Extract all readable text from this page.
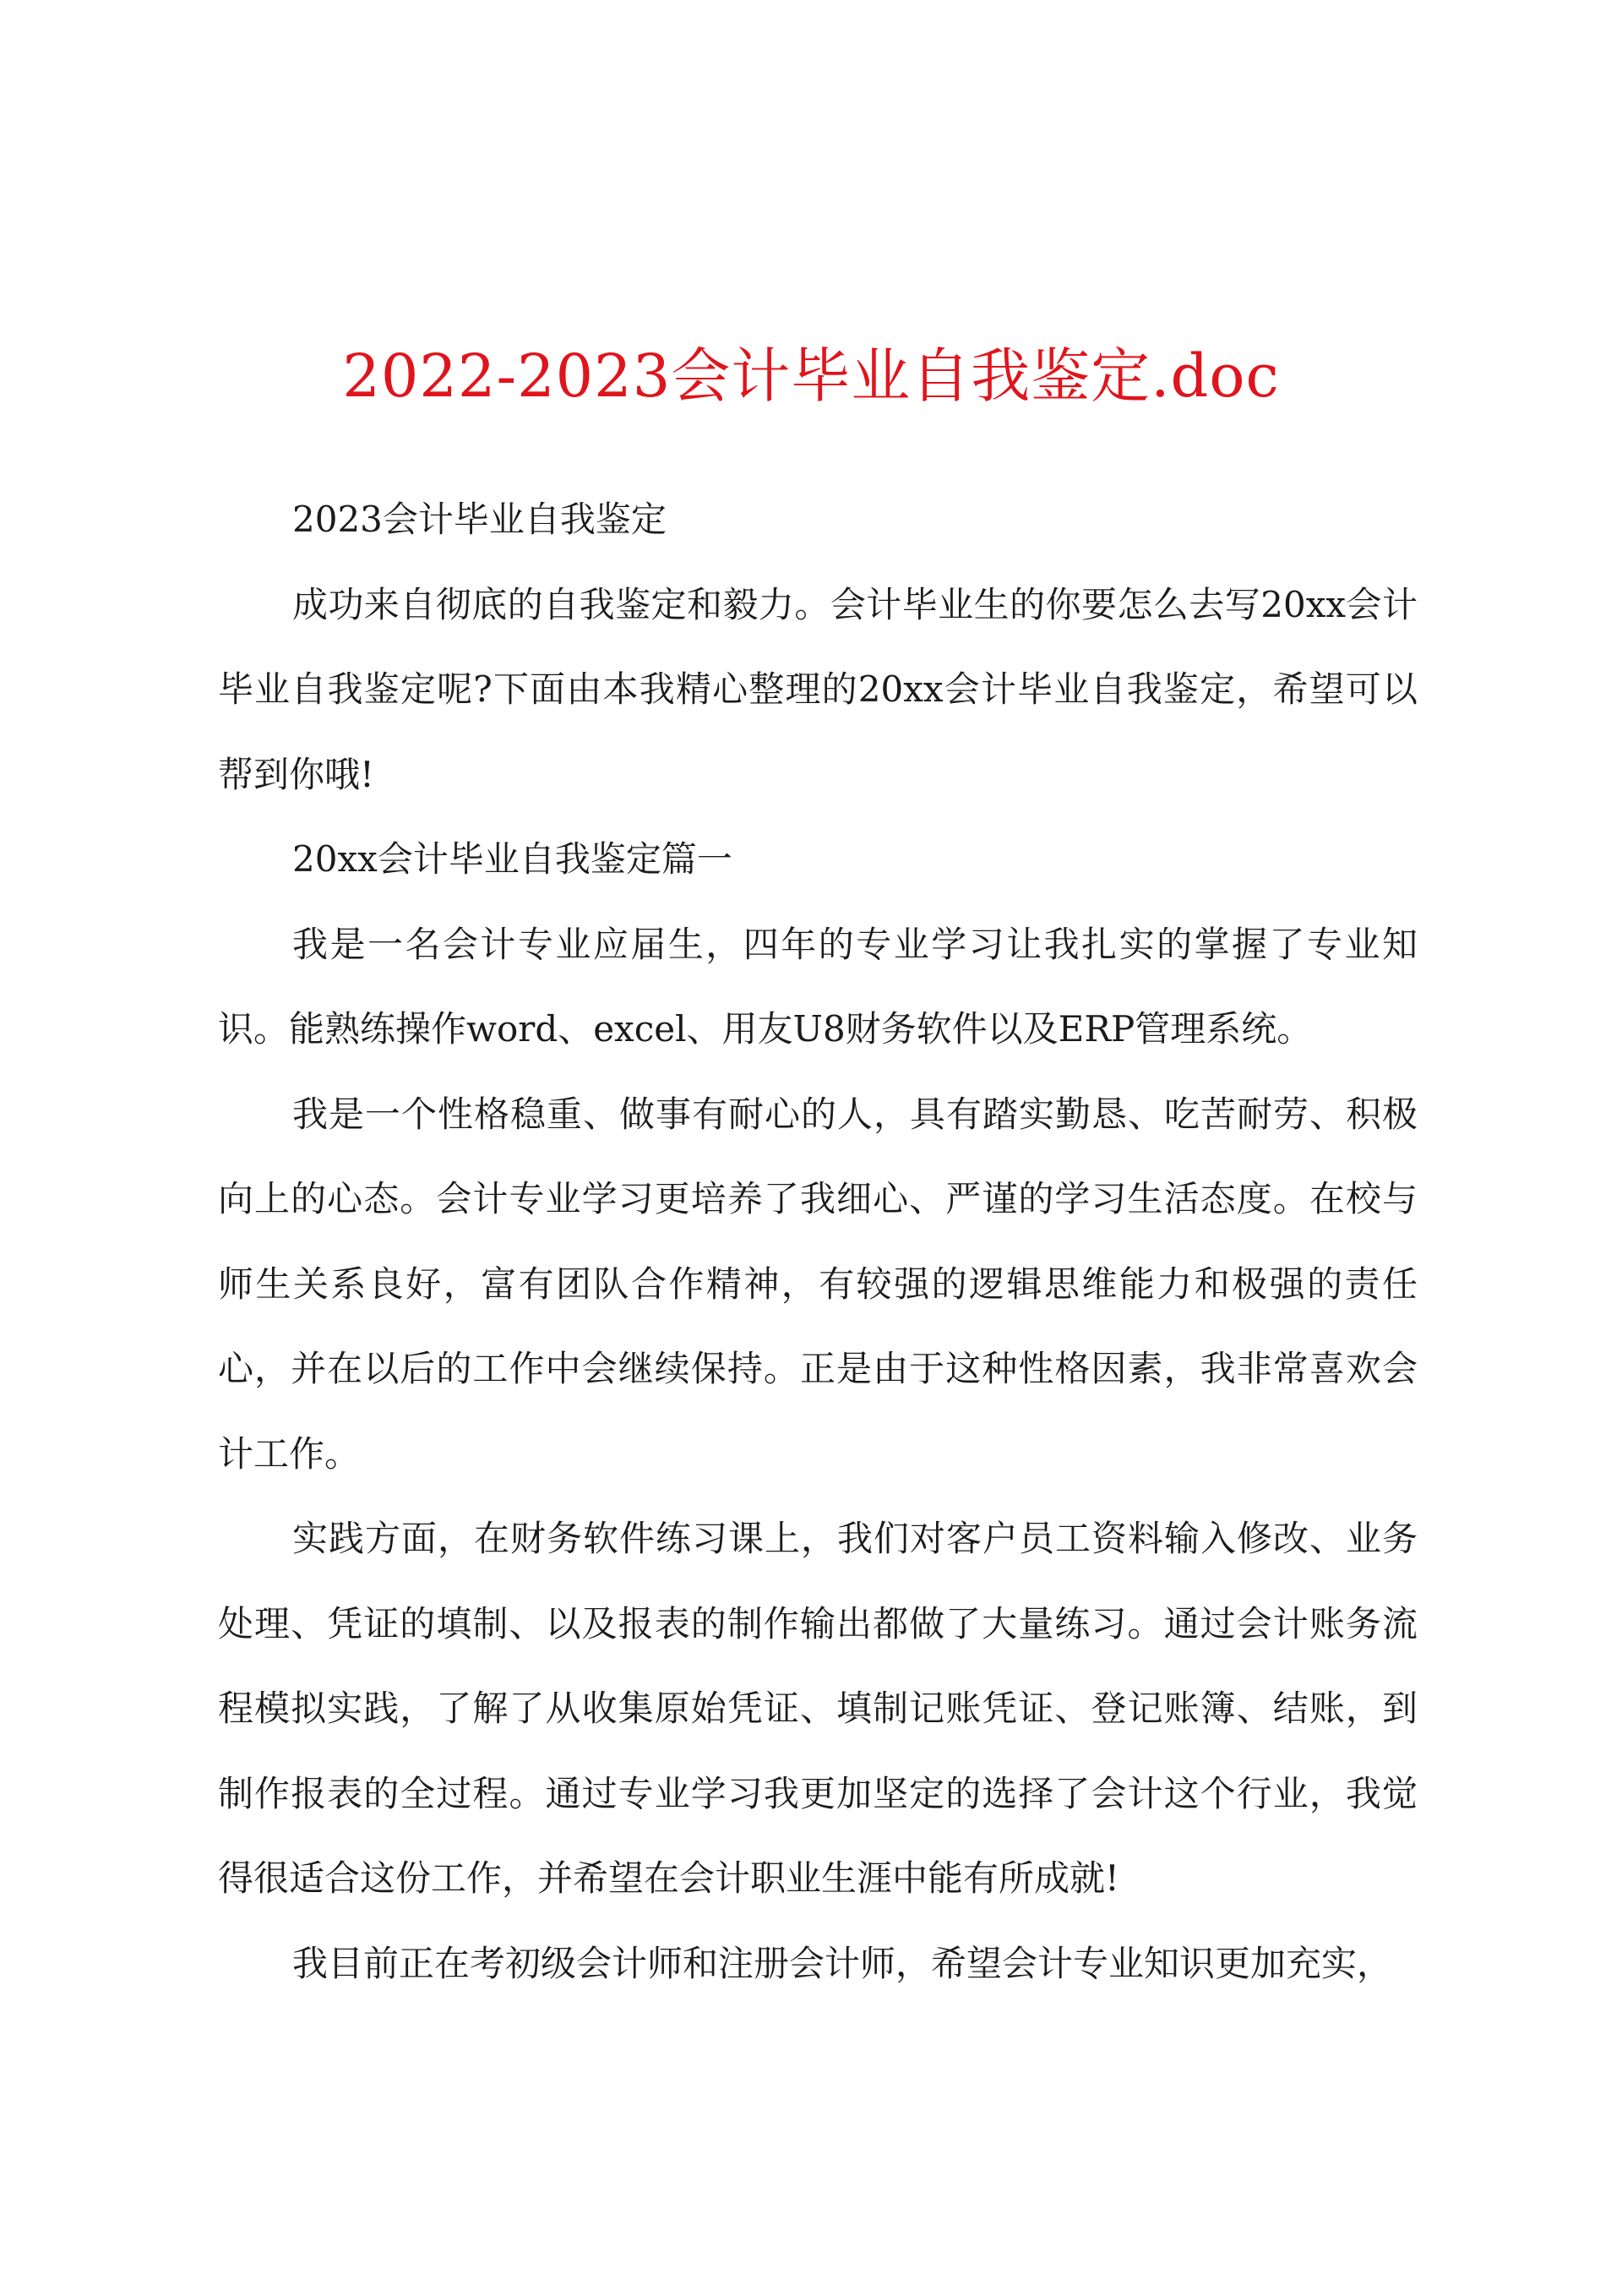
2022-2023会计毕业自我鉴定.doc

2023会计毕业自我鉴定

成功来自彻底的自我鉴定和毅力。会计毕业生的你要怎么去写20xx会计毕业自我鉴定呢?下面由本我精心整理的20xx会计毕业自我鉴定，希望可以帮到你哦!

20xx会计毕业自我鉴定篇一

我是一名会计专业应届生，四年的专业学习让我扎实的掌握了专业知识。能熟练操作word、excel、用友U8财务软件以及ERP管理系统。

我是一个性格稳重、做事有耐心的人，具有踏实勤恳、吃苦耐劳、积极向上的心态。会计专业学习更培养了我细心、严谨的学习生活态度。在校与师生关系良好，富有团队合作精神，有较强的逻辑思维能力和极强的责任心，并在以后的工作中会继续保持。正是由于这种性格因素，我非常喜欢会计工作。

实践方面，在财务软件练习课上，我们对客户员工资料输入修改、业务处理、凭证的填制、以及报表的制作输出都做了大量练习。通过会计账务流程模拟实践，了解了从收集原始凭证、填制记账凭证、登记账簿、结账，到制作报表的全过程。通过专业学习我更加坚定的选择了会计这个行业，我觉得很适合这份工作，并希望在会计职业生涯中能有所成就!

我目前正在考初级会计师和注册会计师，希望会计专业知识更加充实，
